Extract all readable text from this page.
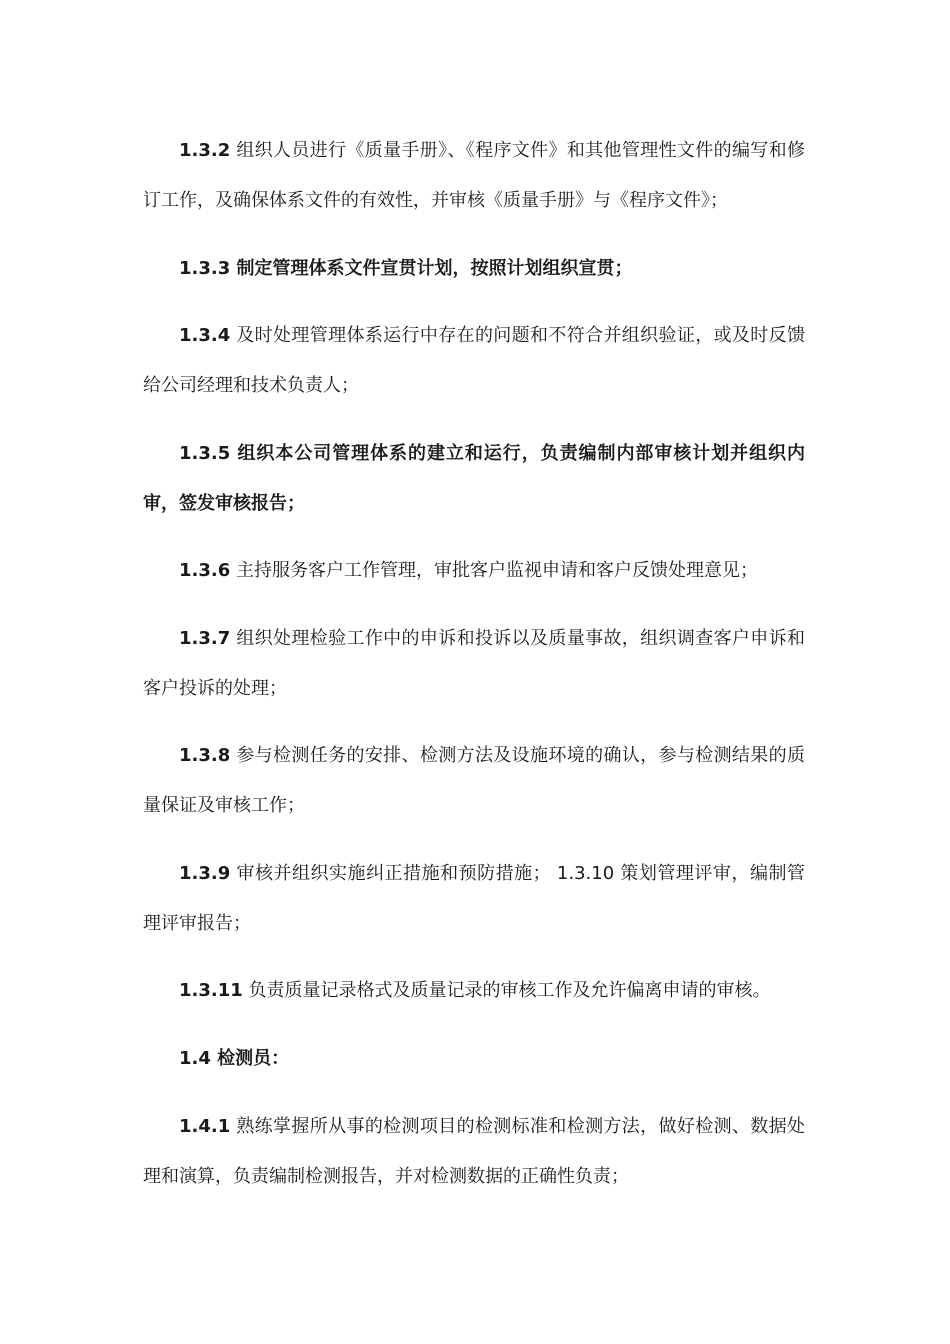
1.3.2 组织人员进行《质量手册》、《程序文件》和其他管理性文件的编写和修订工作，及确保体系文件的有效性，并审核《质量手册》与《程序文件》；

1.3.3 制定管理体系文件宣贯计划，按照计划组织宣贯；

1.3.4 及时处理管理体系运行中存在的问题和不符合并组织验证，或及时反馈给公司经理和技术负责人；

1.3.5 组织本公司管理体系的建立和运行，负责编制内部审核计划并组织内审，签发审核报告；

1.3.6 主持服务客户工作管理，审批客户监视申请和客户反馈处理意见；

1.3.7 组织处理检验工作中的申诉和投诉以及质量事故，组织调查客户申诉和客户投诉的处理；

1.3.8 参与检测任务的安排、检测方法及设施环境的确认，参与检测结果的质量保证及审核工作；

1.3.9 审核并组织实施纠正措施和预防措施； 1.3.10 策划管理评审，编制管理评审报告；

1.3.11 负责质量记录格式及质量记录的审核工作及允许偏离申请的审核。

1.4 检测员：

1.4.1 熟练掌握所从事的检测项目的检测标准和检测方法，做好检测、数据处理和演算，负责编制检测报告，并对检测数据的正确性负责；
